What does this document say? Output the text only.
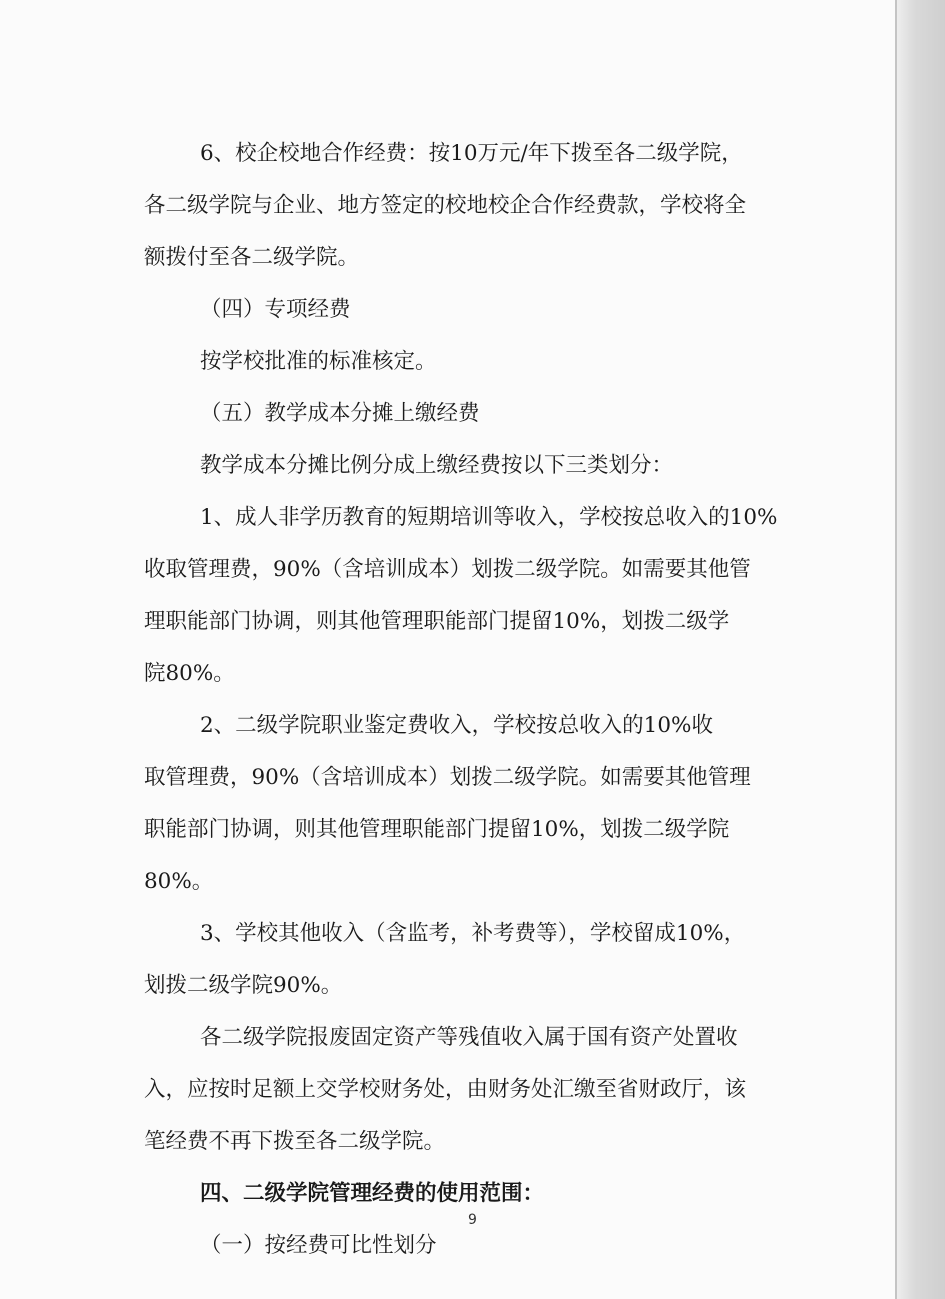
6、校企校地合作经费：按10万元/年下拨至各二级学院，
各二级学院与企业、地方签定的校地校企合作经费款，学校将全
额拨付至各二级学院。
（四）专项经费
按学校批准的标准核定。
（五）教学成本分摊上缴经费
教学成本分摊比例分成上缴经费按以下三类划分：
1、成人非学历教育的短期培训等收入，学校按总收入的10%
收取管理费，90%（含培训成本）划拨二级学院。如需要其他管
理职能部门协调，则其他管理职能部门提留10%，划拨二级学
院80%。
2、二级学院职业鉴定费收入，学校按总收入的10%收
取管理费，90%（含培训成本）划拨二级学院。如需要其他管理
职能部门协调，则其他管理职能部门提留10%，划拨二级学院
80%。
3、学校其他收入（含监考，补考费等），学校留成10%，
划拨二级学院90%。
各二级学院报废固定资产等残值收入属于国有资产处置收
入，应按时足额上交学校财务处，由财务处汇缴至省财政厅，该
笔经费不再下拨至各二级学院。
四、二级学院管理经费的使用范围：
（一）按经费可比性划分
9
